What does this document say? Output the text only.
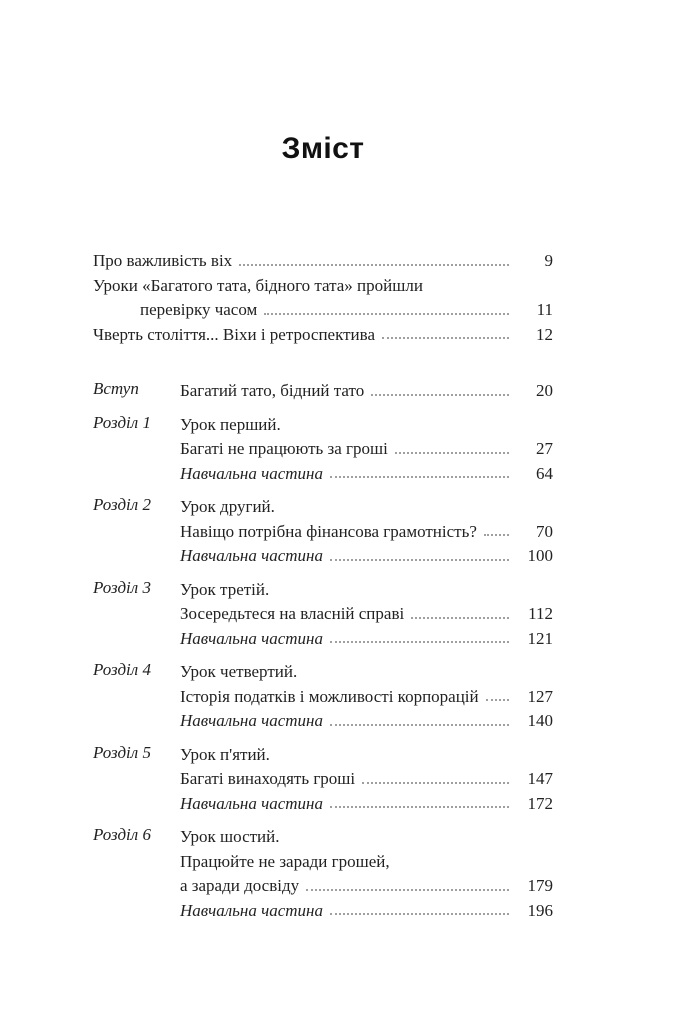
Зміст
Про важливість віх	9
Уроки «Багатого тата, бідного тата» пройшли
перевірку часом	11
Чверть століття... Віхи і ретроспектива	12
Вступ	Багатий тато, бідний тато	20
Розділ 1	Урок перший.
Багаті не працюють за гроші	27
Навчальна частина	64
Розділ 2	Урок другий.
Навіщо потрібна фінансова грамотність?	70
Навчальна частина	100
Розділ 3	Урок третій.
Зосередьтеся на власній справі	112
Навчальна частина	121
Розділ 4	Урок четвертий.
Історія податків і можливості корпорацій	127
Навчальна частина	140
Розділ 5	Урок п'ятий.
Багаті винаходять гроші	147
Навчальна частина	172
Розділ 6	Урок шостий.
Працюйте не заради грошей,
а заради досвіду	179
Навчальна частина	196
